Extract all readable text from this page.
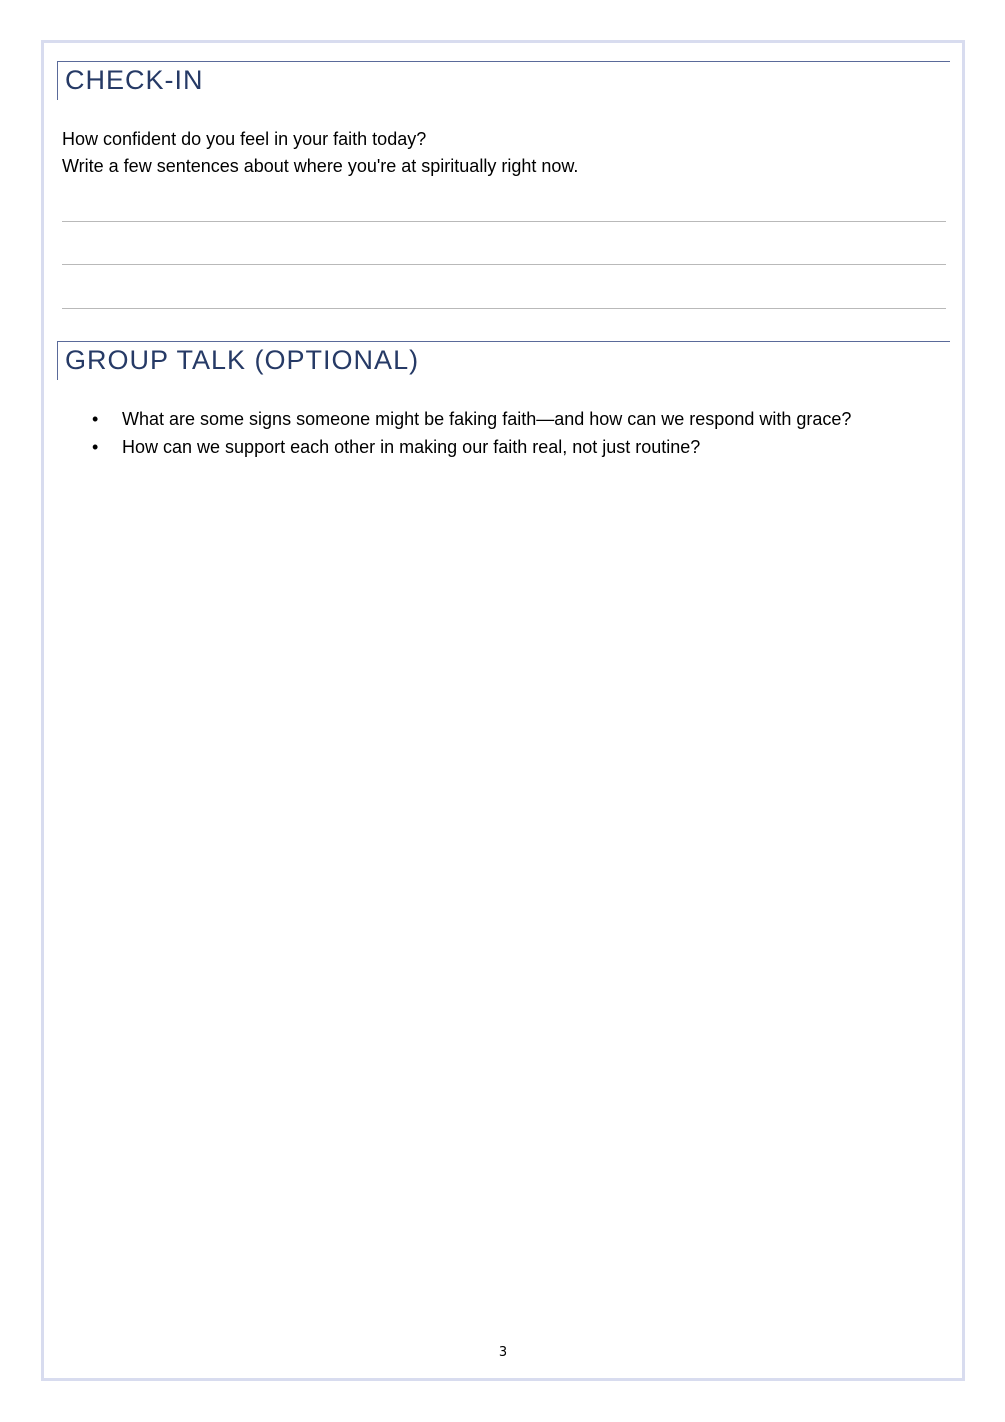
CHECK-IN
How confident do you feel in your faith today?
Write a few sentences about where you're at spiritually right now.
GROUP TALK (OPTIONAL)
• What are some signs someone might be faking faith—and how can we respond with grace?
• How can we support each other in making our faith real, not just routine?
3
